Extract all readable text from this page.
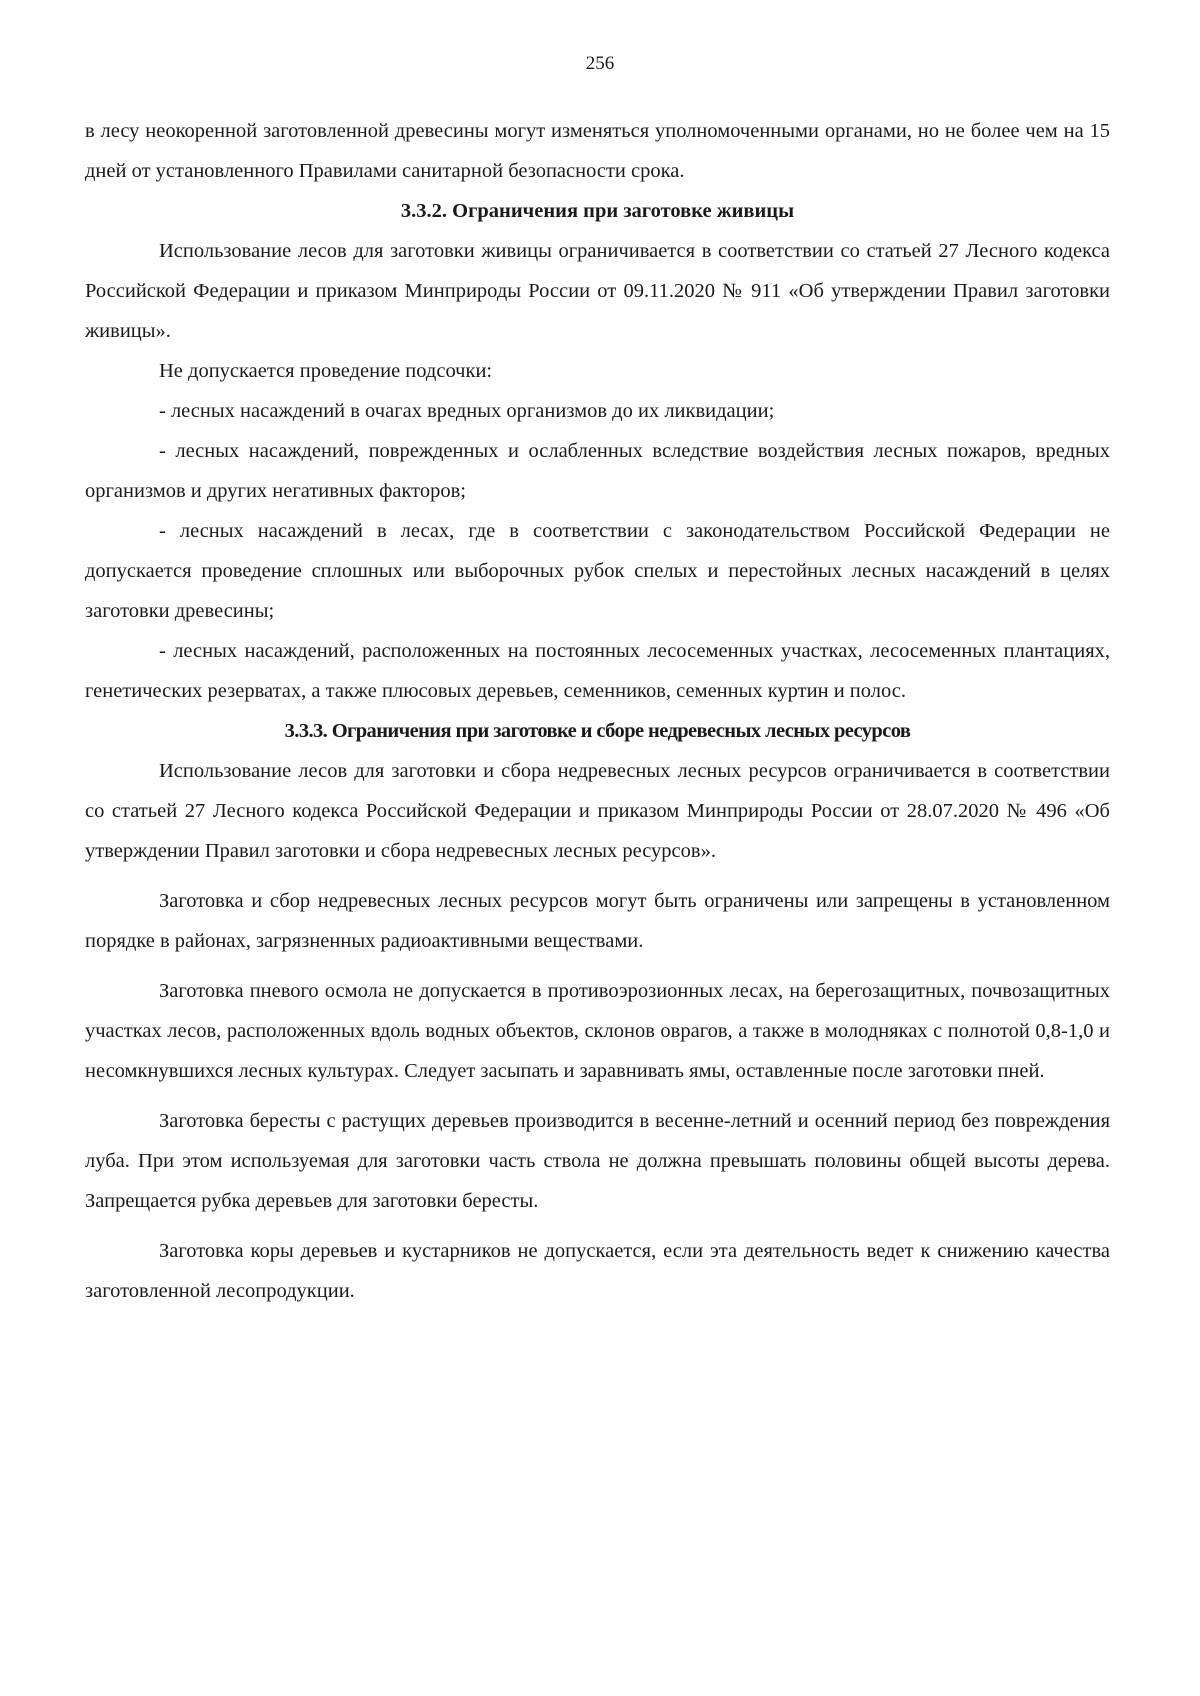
256

в лесу неокоренной заготовленной древесины могут изменяться уполномоченными органами, но не более чем на 15 дней от установленного Правилами санитарной безопасности срока.

3.3.2. Ограничения при заготовке живицы

Использование лесов для заготовки живицы ограничивается в соответствии со статьей 27 Лесного кодекса Российской Федерации и приказом Минприроды России от 09.11.2020 № 911 «Об утверждении Правил заготовки живицы».

Не допускается проведение подсочки:

- лесных насаждений в очагах вредных организмов до их ликвидации;

- лесных насаждений, поврежденных и ослабленных вследствие воздействия лесных пожаров, вредных организмов и других негативных факторов;

- лесных насаждений в лесах, где в соответствии с законодательством Российской Федерации не допускается проведение сплошных или выборочных рубок спелых и перестойных лесных насаждений в целях заготовки древесины;

- лесных насаждений, расположенных на постоянных лесосеменных участках, лесосеменных плантациях, генетических резерватах, а также плюсовых деревьев, семенников, семенных куртин и полос.

3.3.3. Ограничения при заготовке и сборе недревесных лесных ресурсов

Использование лесов для заготовки и сбора недревесных лесных ресурсов ограничивается в соответствии со статьей 27 Лесного кодекса Российской Федерации и приказом Минприроды России от 28.07.2020 № 496 «Об утверждении Правил заготовки и сбора недревесных лесных ресурсов».

Заготовка и сбор недревесных лесных ресурсов могут быть ограничены или запрещены в установленном порядке в районах, загрязненных радиоактивными веществами.

Заготовка пневого осмола не допускается в противоэрозионных лесах, на берегозащитных, почвозащитных участках лесов, расположенных вдоль водных объектов, склонов оврагов, а также в молодняках с полнотой 0,8-1,0 и несомкнувшихся лесных культурах. Следует засыпать и заравнивать ямы, оставленные после заготовки пней.

Заготовка бересты с растущих деревьев производится в весенне-летний и осенний период без повреждения луба. При этом используемая для заготовки часть ствола не должна превышать половины общей высоты дерева. Запрещается рубка деревьев для заготовки бересты.

Заготовка коры деревьев и кустарников не допускается, если эта деятельность ведет к снижению качества заготовленной лесопродукции.
